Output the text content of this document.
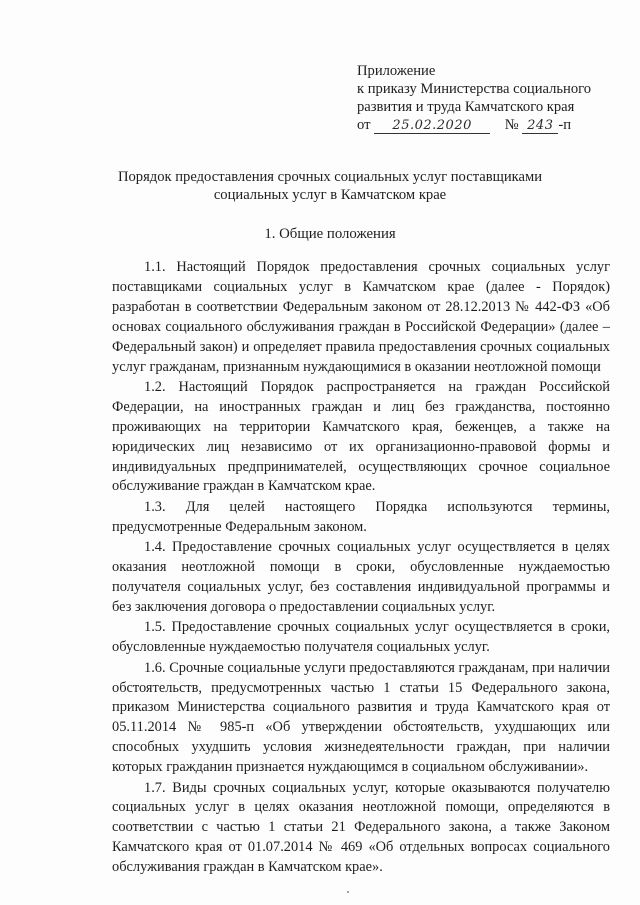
Приложение
к приказу Министерства социального
развития и труда Камчатского края
от 25.02.2020 № 243 -п
Порядок предоставления срочных социальных услуг поставщиками
социальных услуг в Камчатском крае
1. Общие положения

1.1. Настоящий Порядок предоставления срочных социальных услуг поставщиками социальных услуг в Камчатском крае (далее - Порядок) разработан в соответствии Федеральным законом от 28.12.2013 № 442-ФЗ «Об основах социального обслуживания граждан в Российской Федерации» (далее – Федеральный закон) и определяет правила предоставления срочных социальных услуг гражданам, признанным нуждающимися в оказании неотложной помощи

1.2. Настоящий Порядок распространяется на граждан Российской Федерации, на иностранных граждан и лиц без гражданства, постоянно проживающих на территории Камчатского края, беженцев, а также на юридических лиц независимо от их организационно-правовой формы и индивидуальных предпринимателей, осуществляющих срочное социальное обслуживание граждан в Камчатском крае.

1.3. Для целей настоящего Порядка используются термины, предусмотренные Федеральным законом.

1.4. Предоставление срочных социальных услуг осуществляется в целях оказания неотложной помощи в сроки, обусловленные нуждаемостью получателя социальных услуг, без составления индивидуальной программы и без заключения договора о предоставлении социальных услуг.

1.5. Предоставление срочных социальных услуг осуществляется в сроки, обусловленные нуждаемостью получателя социальных услуг.

1.6. Срочные социальные услуги предоставляются гражданам, при наличии обстоятельств, предусмотренных частью 1 статьи 15 Федерального закона, приказом Министерства социального развития и труда Камчатского края от 05.11.2014 № 985-п «Об утверждении обстоятельств, ухудшающих или способных ухудшить условия жизнедеятельности граждан, при наличии которых гражданин признается нуждающимся в социальном обслуживании».

1.7. Виды срочных социальных услуг, которые оказываются получателю социальных услуг в целях оказания неотложной помощи, определяются в соответствии с частью 1 статьи 21 Федерального закона, а также Законом Камчатского края от 01.07.2014 № 469 «Об отдельных вопросах социального обслуживания граждан в Камчатском крае».
